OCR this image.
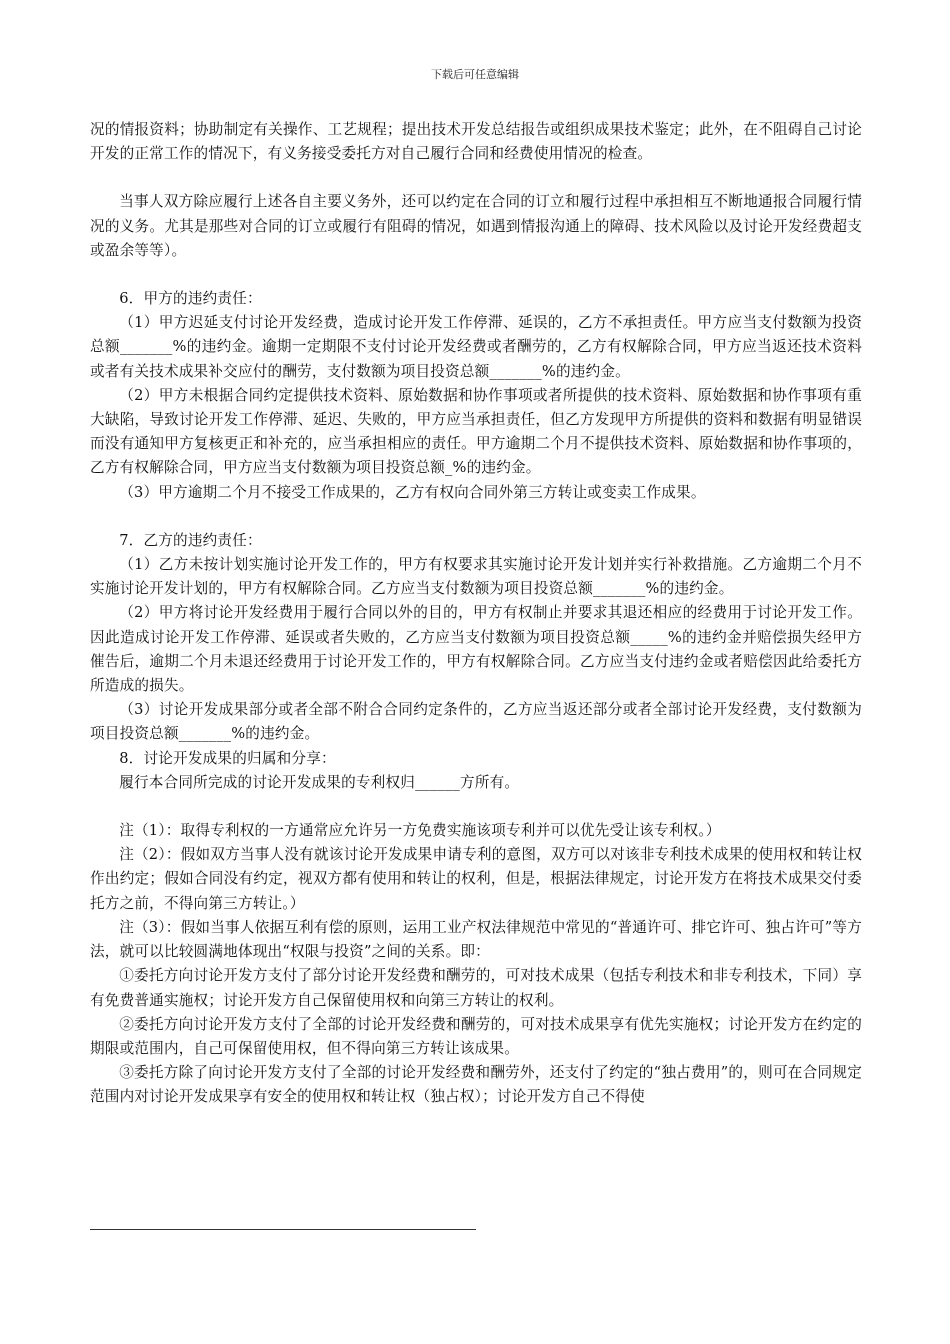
下载后可任意编辑

况的情报资料；协助制定有关操作、工艺规程；提出技术开发总结报告或组织成果技术鉴定；此外，在不阻碍自己讨论开发的正常工作的情况下，有义务接受委托方对自己履行合同和经费使用情况的检查。

当事人双方除应履行上述各自主要义务外，还可以约定在合同的订立和履行过程中承担相互不断地通报合同履行情况的义务。尤其是那些对合同的订立或履行有阻碍的情况，如遇到情报沟通上的障碍、技术风险以及讨论开发经费超支或盈余等等）。

6．甲方的违约责任：

（1）甲方迟延支付讨论开发经费，造成讨论开发工作停滞、延误的，乙方不承担责任。甲方应当支付数额为投资总额_______%的违约金。逾期一定期限不支付讨论开发经费或者酬劳的，乙方有权解除合同，甲方应当返还技术资料或者有关技术成果补交应付的酬劳，支付数额为项目投资总额_______%的违约金。

（2）甲方未根据合同约定提供技术资料、原始数据和协作事项或者所提供的技术资料、原始数据和协作事项有重大缺陷，导致讨论开发工作停滞、延迟、失败的，甲方应当承担责任，但乙方发现甲方所提供的资料和数据有明显错误而没有通知甲方复核更正和补充的，应当承担相应的责任。甲方逾期二个月不提供技术资料、原始数据和协作事项的，乙方有权解除合同，甲方应当支付数额为项目投资总额_%的违约金。

（3）甲方逾期二个月不接受工作成果的，乙方有权向合同外第三方转让或变卖工作成果。

7．乙方的违约责任：

（1）乙方未按计划实施讨论开发工作的，甲方有权要求其实施讨论开发计划并实行补救措施。乙方逾期二个月不实施讨论开发计划的，甲方有权解除合同。乙方应当支付数额为项目投资总额_______%的违约金。

（2）甲方将讨论开发经费用于履行合同以外的目的，甲方有权制止并要求其退还相应的经费用于讨论开发工作。因此造成讨论开发工作停滞、延误或者失败的，乙方应当支付数额为项目投资总额_____%的违约金并赔偿损失经甲方催告后，逾期二个月未退还经费用于讨论开发工作的，甲方有权解除合同。乙方应当支付违约金或者赔偿因此给委托方所造成的损失。

（3）讨论开发成果部分或者全部不附合合同约定条件的，乙方应当返还部分或者全部讨论开发经费，支付数额为项目投资总额_______%的违约金。

8．讨论开发成果的归属和分享：

履行本合同所完成的讨论开发成果的专利权归______方所有。

注（1）：取得专利权的一方通常应允许另一方免费实施该项专利并可以优先受让该专利权。）

注（2）：假如双方当事人没有就该讨论开发成果申请专利的意图，双方可以对该非专利技术成果的使用权和转让权作出约定；假如合同没有约定，视双方都有使用和转让的权利，但是，根据法律规定，讨论开发方在将技术成果交付委托方之前，不得向第三方转让。）

注（3）：假如当事人依据互利有偿的原则，运用工业产权法律规范中常见的“普通许可、排它许可、独占许可”等方法，就可以比较圆满地体现出“权限与投资”之间的关系。即：

①委托方向讨论开发方支付了部分讨论开发经费和酬劳的，可对技术成果（包括专利技术和非专利技术，下同）享有免费普通实施权；讨论开发方自己保留使用权和向第三方转让的权利。

②委托方向讨论开发方支付了全部的讨论开发经费和酬劳的，可对技术成果享有优先实施权；讨论开发方在约定的期限或范围内，自己可保留使用权，但不得向第三方转让该成果。

③委托方除了向讨论开发方支付了全部的讨论开发经费和酬劳外，还支付了约定的“独占费用”的，则可在合同规定范围内对讨论开发成果享有安全的使用权和转让权（独占权）；讨论开发方自己不得使
